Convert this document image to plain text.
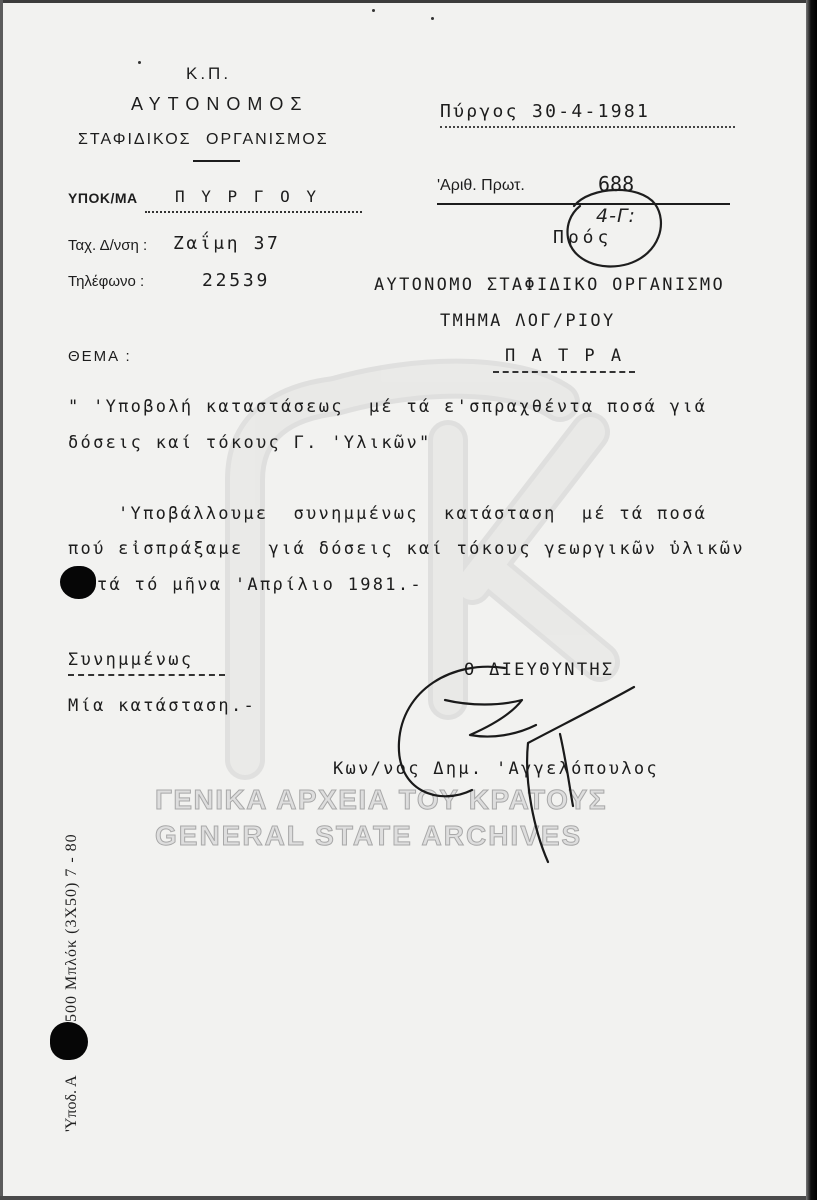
Κ.Π.
ΑΥΤΟΝΟΜΟΣ
ΣΤΑΦΙΔΙΚΟΣ ΟΡΓΑΝΙΣΜΟΣ
ΥΠΟΚ/ΜΑ Π Υ Ρ Γ Ο Υ
Ταχ. Δ/νση : Ζαΐμη 37
Τηλέφωνο :	22539
Πύργος 30-4-1981
'Αριθ. Πρωτ.	688
Πρός
4-Γ:
ΑΥΤΟΝΟΜΟ ΣΤΑΦΙΔΙΚΟ ΟΡΓΑΝΙΣΜΟ
ΤΜΗΜΑ ΛΟΓ/ΡΙΟΥ
Π Α Τ Ρ Α
ΘΕΜΑ :
" 'Υποβολή καταστάσεως  μέ τά ε'σπραχθέντα ποσά γιά
δόσεις καί τόκους Γ. 'Υλικῶν"
'Υποβάλλουμε  συνημμένως  κατάσταση  μέ τά ποσά
πού εἰσπράξαμε  γιά δόσεις καί τόκους γεωργικῶν ὑλικῶν
τά τό μῆνα 'Απρίλιο 1981.-
Συνημμένως
Μία κατάσταση.-
Ο ΔΙΕΥΘΥΝΤΗΣ
Κων/νος Δημ. 'Αγγελόπουλος
ΓΕΝΙΚΑ ΑΡΧΕΙΑ ΤΟΥ ΚΡΑΤΟΥΣ
GENERAL STATE ARCHIVES
'Υποδ. Α
500 Μπλόκ (3Χ50) 7 - 80
